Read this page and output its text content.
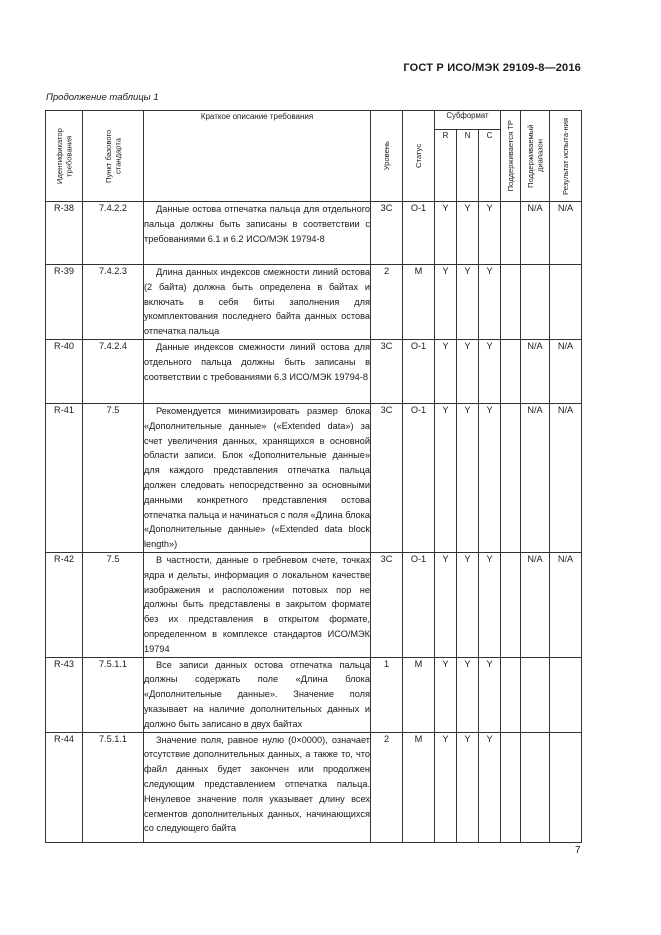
ГОСТ Р ИСО/МЭК 29109-8—2016
Продолжение таблицы 1
Идентификатор требования	Пункт базового стандарта	Краткое описание требования	Уровень	Статус	Субформат			Поддерживается ТР	Поддерживаемый диапазон	Результат испыта-ния

					R	N	C			
R-38	7.4.2.2	Данные остова отпечатка пальца для отдельного пальца должны быть записаны в соответствии с требованиями 6.1 и 6.2 ИСО/МЭК 19794-8	3C	O-1	Y	Y	Y		N/A	N/A
R-39	7.4.2.3	Длина данных индексов смежности линий остова (2 байта) должна быть определена в байтах и включать в себя биты заполнения для укомплектования последнего байта данных остова отпечатка пальца	2	M	Y	Y	Y			
R-40	7.4.2.4	Данные индексов смежности линий остова для отдельного пальца должны быть записаны в соответствии с требованиями 6.3 ИСО/МЭК 19794-8	3C	O-1	Y	Y	Y		N/A	N/A
R-41	7.5	Рекомендуется минимизировать размер блока «Дополнительные данные» («Extended data») за счет увеличения данных, хранящихся в основной области записи. Блок «Дополнительные данные» для каждого представления отпечатка пальца должен следовать непосредственно за основными данными конкретного представления остова отпечатка пальца и начинаться с поля «Длина блока «Дополнительные данные» («Extended data block length»)	3C	O-1	Y	Y	Y		N/A	N/A
R-42	7.5	В частности, данные о гребневом счете, точках ядра и дельты, информация о локальном качестве изображения и расположении потовых пор не должны быть представлены в закрытом формате без их представления в открытом формате, определенном в комплексе стандартов ИСО/МЭК 19794	3C	O-1	Y	Y	Y		N/A	N/A
R-43	7.5.1.1	Все записи данных остова отпечатка пальца должны содержать поле «Длина блока «Дополнительные данные». Значение поля указывает на наличие дополнительных данных и должно быть записано в двух байтах	1	M	Y	Y	Y			
R-44	7.5.1.1	Значение поля, равное нулю (0×0000), означает отсутствие дополнительных данных, а также то, что файл данных будет закончен или продолжен следующим представлением отпечатка пальца. Ненулевое значение поля указывает длину всех сегментов дополнительных данных, начинающихся со следующего байта	2	M	Y	Y	Y			
7
